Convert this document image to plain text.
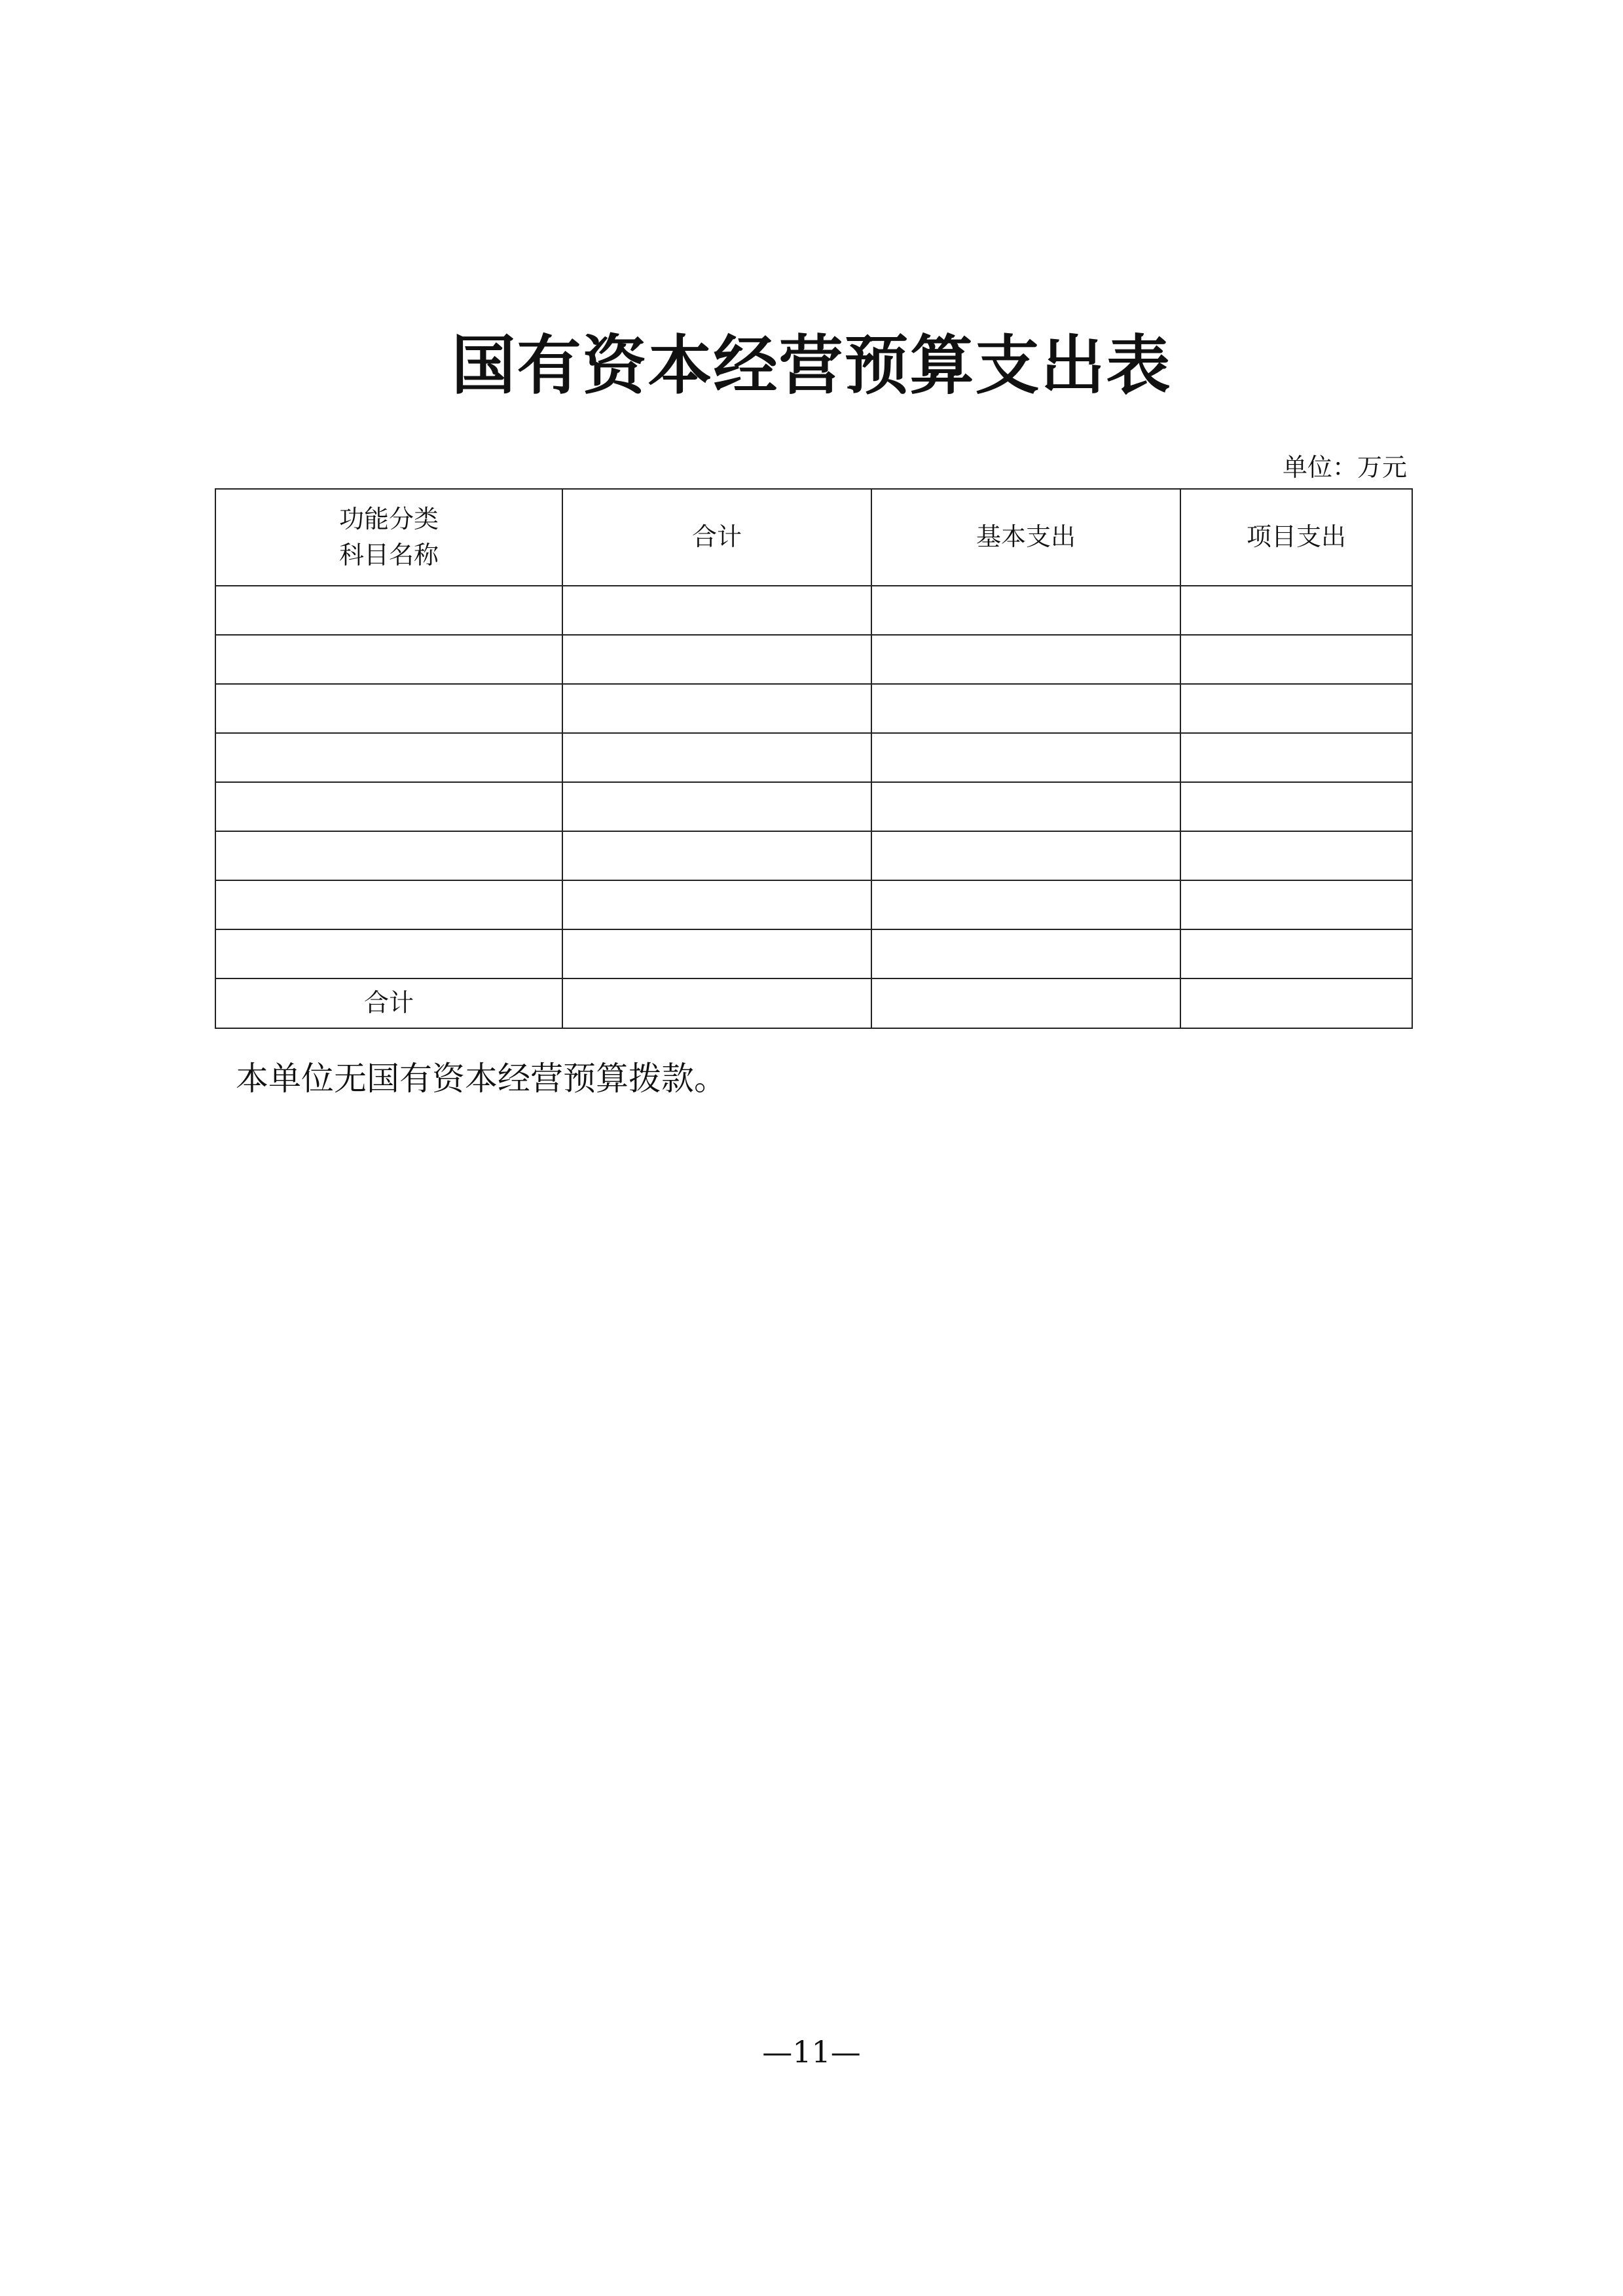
国有资本经营预算支出表
单位：万元
功能分类
科目名称	合计	基本支出	项目支出

合计			
本单位无国有资本经营预算拨款。
—11—
